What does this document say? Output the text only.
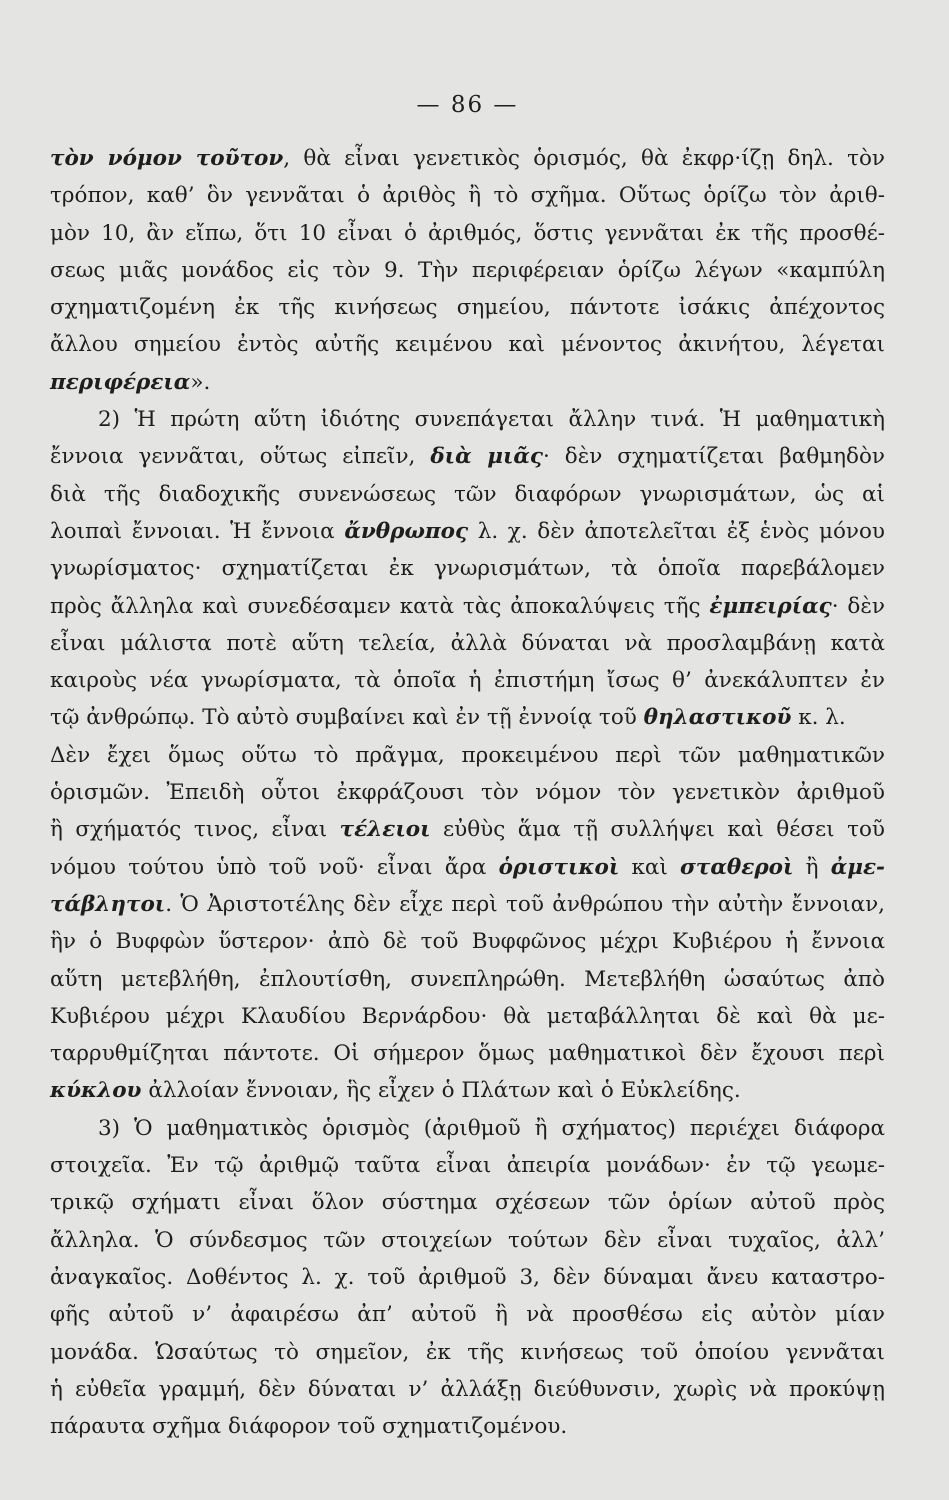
— 86 —
τὸν νόμον τοῦτον, θὰ εἶναι γενετικὸς ὁρισμός, θὰ ἐκφρ·ίζῃ δηλ. τὸν
τρόπον, καθ’ ὃν γεννᾶται ὁ ἀριθὸς ἢ τὸ σχῆμα. Οὕτως ὁρίζω τὸν ἀριθ-
μὸν 10, ἂν εἴπω, ὅτι 10 εἶναι ὁ ἀριθμός, ὅστις γεννᾶται ἐκ τῆς προσθέ-
σεως μιᾶς μονάδος εἰς τὸν 9. Τὴν περιφέρειαν ὁρίζω λέγων «καμπύλη
σχηματιζομένη ἐκ τῆς κινήσεως σημείου, πάντοτε ἰσάκις ἀπέχοντος
ἄλλου σημείου ἐντὸς αὐτῆς κειμένου καὶ μένοντος ἀκινήτου, λέγεται
περιφέρεια».
2) Ἡ πρώτη αὕτη ἰδιότης συνεπάγεται ἄλλην τινά. Ἡ μαθηματικὴ
ἔννοια γεννᾶται, οὕτως εἰπεῖν, διὰ μιᾶς· δὲν σχηματίζεται βαθμηδὸν
διὰ τῆς διαδοχικῆς συνενώσεως τῶν διαφόρων γνωρισμάτων, ὡς αἱ
λοιπαὶ ἔννοιαι. Ἡ ἔννοια ἄνθρωπος λ. χ. δὲν ἀποτελεῖται ἐξ ἑνὸς μόνου
γνωρίσματος· σχηματίζεται ἐκ γνωρισμάτων, τὰ ὁποῖα παρεβάλομεν
πρὸς ἄλληλα καὶ συνεδέσαμεν κατὰ τὰς ἀποκαλύψεις τῆς ἐμπειρίας· δὲν
εἶναι μάλιστα ποτὲ αὕτη τελεία, ἀλλὰ δύναται νὰ προσλαμβάνῃ κατὰ
καιροὺς νέα γνωρίσματα, τὰ ὁποῖα ἡ ἐπιστήμη ἴσως θ’ ἀνεκάλυπτεν ἐν
τῷ ἀνθρώπῳ. Τὸ αὐτὸ συμβαίνει καὶ ἐν τῇ ἐννοίᾳ τοῦ θηλαστικοῦ κ. λ.
Δὲν ἔχει ὅμως οὕτω τὸ πρᾶγμα, προκειμένου περὶ τῶν μαθηματικῶν
ὁρισμῶν. Ἐπειδὴ οὗτοι ἐκφράζουσι τὸν νόμον τὸν γενετικὸν ἀριθμοῦ
ἢ σχήματός τινος, εἶναι τέλειοι εὐθὺς ἅμα τῇ συλλήψει καὶ θέσει τοῦ
νόμου τούτου ὑπὸ τοῦ νοῦ· εἶναι ἄρα ὁριστικοὶ καὶ σταθεροὶ ἢ ἀμε-
τάβλητοι. Ὁ Ἀριστοτέλης δὲν εἶχε περὶ τοῦ ἀνθρώπου τὴν αὐτὴν ἔννοιαν,
ἣν ὁ Βυφφὼν ὕστερον· ἀπὸ δὲ τοῦ Βυφφῶνος μέχρι Κυβιέρου ἡ ἔννοια
αὕτη μετεβλήθη, ἐπλουτίσθη, συνεπληρώθη. Μετεβλήθη ὡσαύτως ἀπὸ
Κυβιέρου μέχρι Κλαυδίου Βερνάρδου· θὰ μεταβάλληται δὲ καὶ θὰ με-
ταρρυθμίζηται πάντοτε. Οἱ σήμερον ὅμως μαθηματικοὶ δὲν ἔχουσι περὶ
κύκλου ἀλλοίαν ἔννοιαν, ἣς εἶχεν ὁ Πλάτων καὶ ὁ Εὐκλείδης.
3) Ὁ μαθηματικὸς ὁρισμὸς (ἀριθμοῦ ἢ σχήματος) περιέχει διάφορα
στοιχεῖα. Ἐν τῷ ἀριθμῷ ταῦτα εἶναι ἀπειρία μονάδων· ἐν τῷ γεωμε-
τρικῷ σχήματι εἶναι ὅλον σύστημα σχέσεων τῶν ὁρίων αὐτοῦ πρὸς
ἄλληλα. Ὁ σύνδεσμος τῶν στοιχείων τούτων δὲν εἶναι τυχαῖος, ἀλλ’
ἀναγκαῖος. Δοθέντος λ. χ. τοῦ ἀριθμοῦ 3, δὲν δύναμαι ἄνευ καταστρο-
φῆς αὐτοῦ ν’ ἀφαιρέσω ἀπ’ αὐτοῦ ἢ νὰ προσθέσω εἰς αὐτὸν μίαν
μονάδα. Ὡσαύτως τὸ σημεῖον, ἐκ τῆς κινήσεως τοῦ ὁποίου γεννᾶται
ἡ εὐθεῖα γραμμή, δὲν δύναται ν’ ἀλλάξῃ διεύθυνσιν, χωρὶς νὰ προκύψῃ
πάραυτα σχῆμα διάφορον τοῦ σχηματιζομένου.
